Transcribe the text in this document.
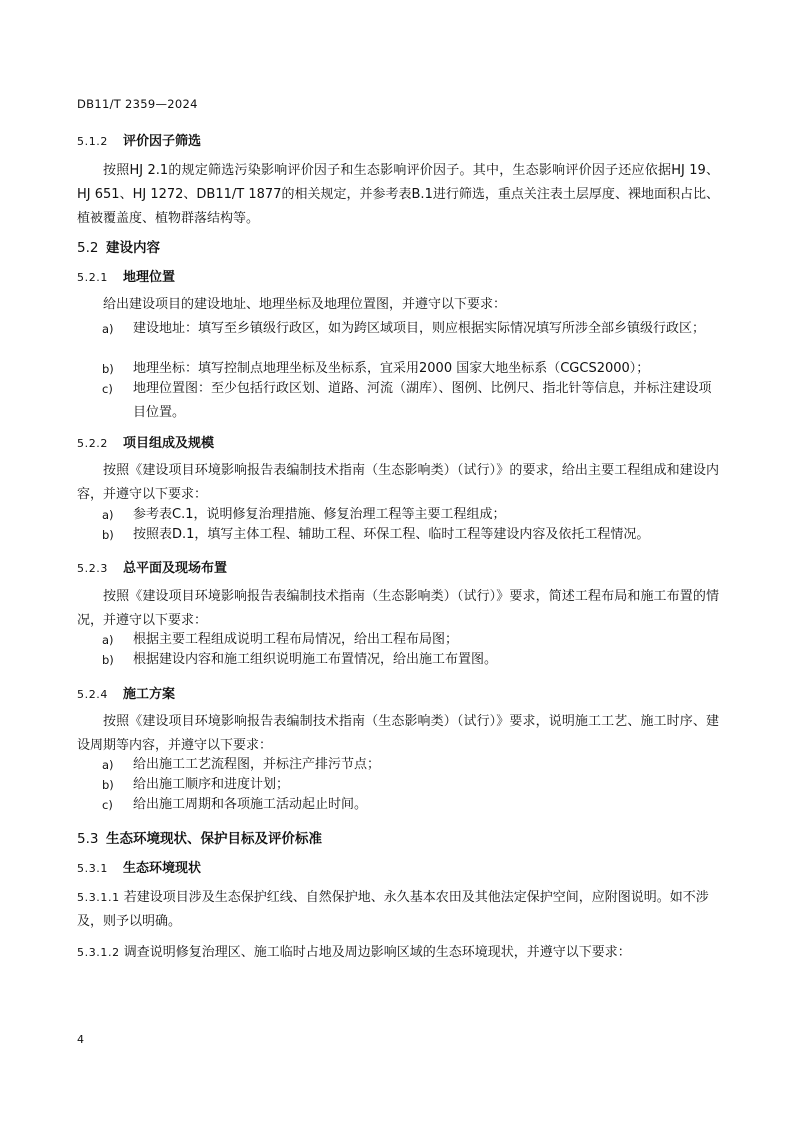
DB11/T 2359—2024
5.1.2 评价因子筛选
按照HJ 2.1的规定筛选污染影响评价因子和生态影响评价因子。其中，生态影响评价因子还应依据HJ 19、HJ 651、HJ 1272、DB11/T 1877的相关规定，并参考表B.1进行筛选，重点关注表土层厚度、裸地面积占比、植被覆盖度、植物群落结构等。
5.2 建设内容
5.2.1 地理位置
给出建设项目的建设地址、地理坐标及地理位置图，并遵守以下要求：
a) 建设地址：填写至乡镇级行政区，如为跨区域项目，则应根据实际情况填写所涉全部乡镇级行政区；
b) 地理坐标：填写控制点地理坐标及坐标系，宜采用2000 国家大地坐标系（CGCS2000）；
c) 地理位置图：至少包括行政区划、道路、河流（湖库）、图例、比例尺、指北针等信息，并标注建设项目位置。
5.2.2 项目组成及规模
按照《建设项目环境影响报告表编制技术指南（生态影响类）（试行）》的要求，给出主要工程组成和建设内容，并遵守以下要求：
a) 参考表C.1，说明修复治理措施、修复治理工程等主要工程组成；
b) 按照表D.1，填写主体工程、辅助工程、环保工程、临时工程等建设内容及依托工程情况。
5.2.3 总平面及现场布置
按照《建设项目环境影响报告表编制技术指南（生态影响类）（试行）》要求，简述工程布局和施工布置的情况，并遵守以下要求：
a) 根据主要工程组成说明工程布局情况，给出工程布局图；
b) 根据建设内容和施工组织说明施工布置情况，给出施工布置图。
5.2.4 施工方案
按照《建设项目环境影响报告表编制技术指南（生态影响类）（试行）》要求，说明施工工艺、施工时序、建设周期等内容，并遵守以下要求：
a) 给出施工工艺流程图，并标注产排污节点；
b) 给出施工顺序和进度计划；
c) 给出施工周期和各项施工活动起止时间。
5.3 生态环境现状、保护目标及评价标准
5.3.1 生态环境现状
5.3.1.1 若建设项目涉及生态保护红线、自然保护地、永久基本农田及其他法定保护空间，应附图说明。如不涉及，则予以明确。
5.3.1.2 调查说明修复治理区、施工临时占地及周边影响区域的生态环境现状，并遵守以下要求：
4
